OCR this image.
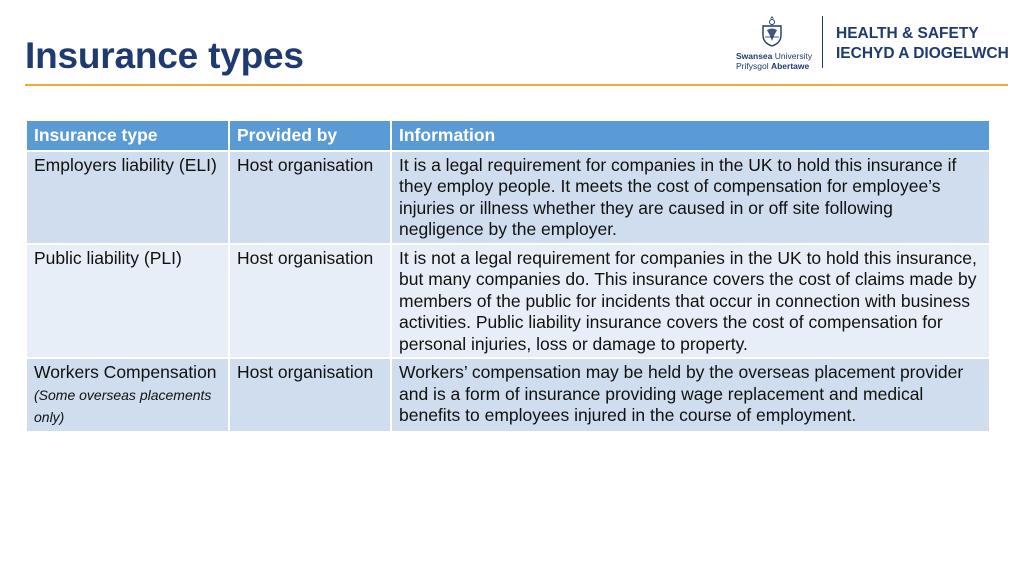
Insurance types	Swansea University
Prifysgol Abertawe
HEALTH & SAFETY
IECHYD A DIOGELWCH
Insurance type	Provided by	Information
Employers liability (ELI)	Host organisation	It is a legal requirement for companies in the UK to hold this insurance if they employ people. It meets the cost of compensation for employee’s injuries or illness whether they are caused in or off site following negligence by the employer.
Public liability (PLI)	Host organisation	It is not a legal requirement for companies in the UK to hold this insurance, but many companies do. This insurance covers the cost of claims made by members of the public for incidents that occur in connection with business activities. Public liability insurance covers the cost of compensation for personal injuries, loss or damage to property.
Workers Compensation (Some overseas placements only)	Host organisation	Workers’ compensation may be held by the overseas placement provider and is a form of insurance providing wage replacement and medical benefits to employees injured in the course of employment.
